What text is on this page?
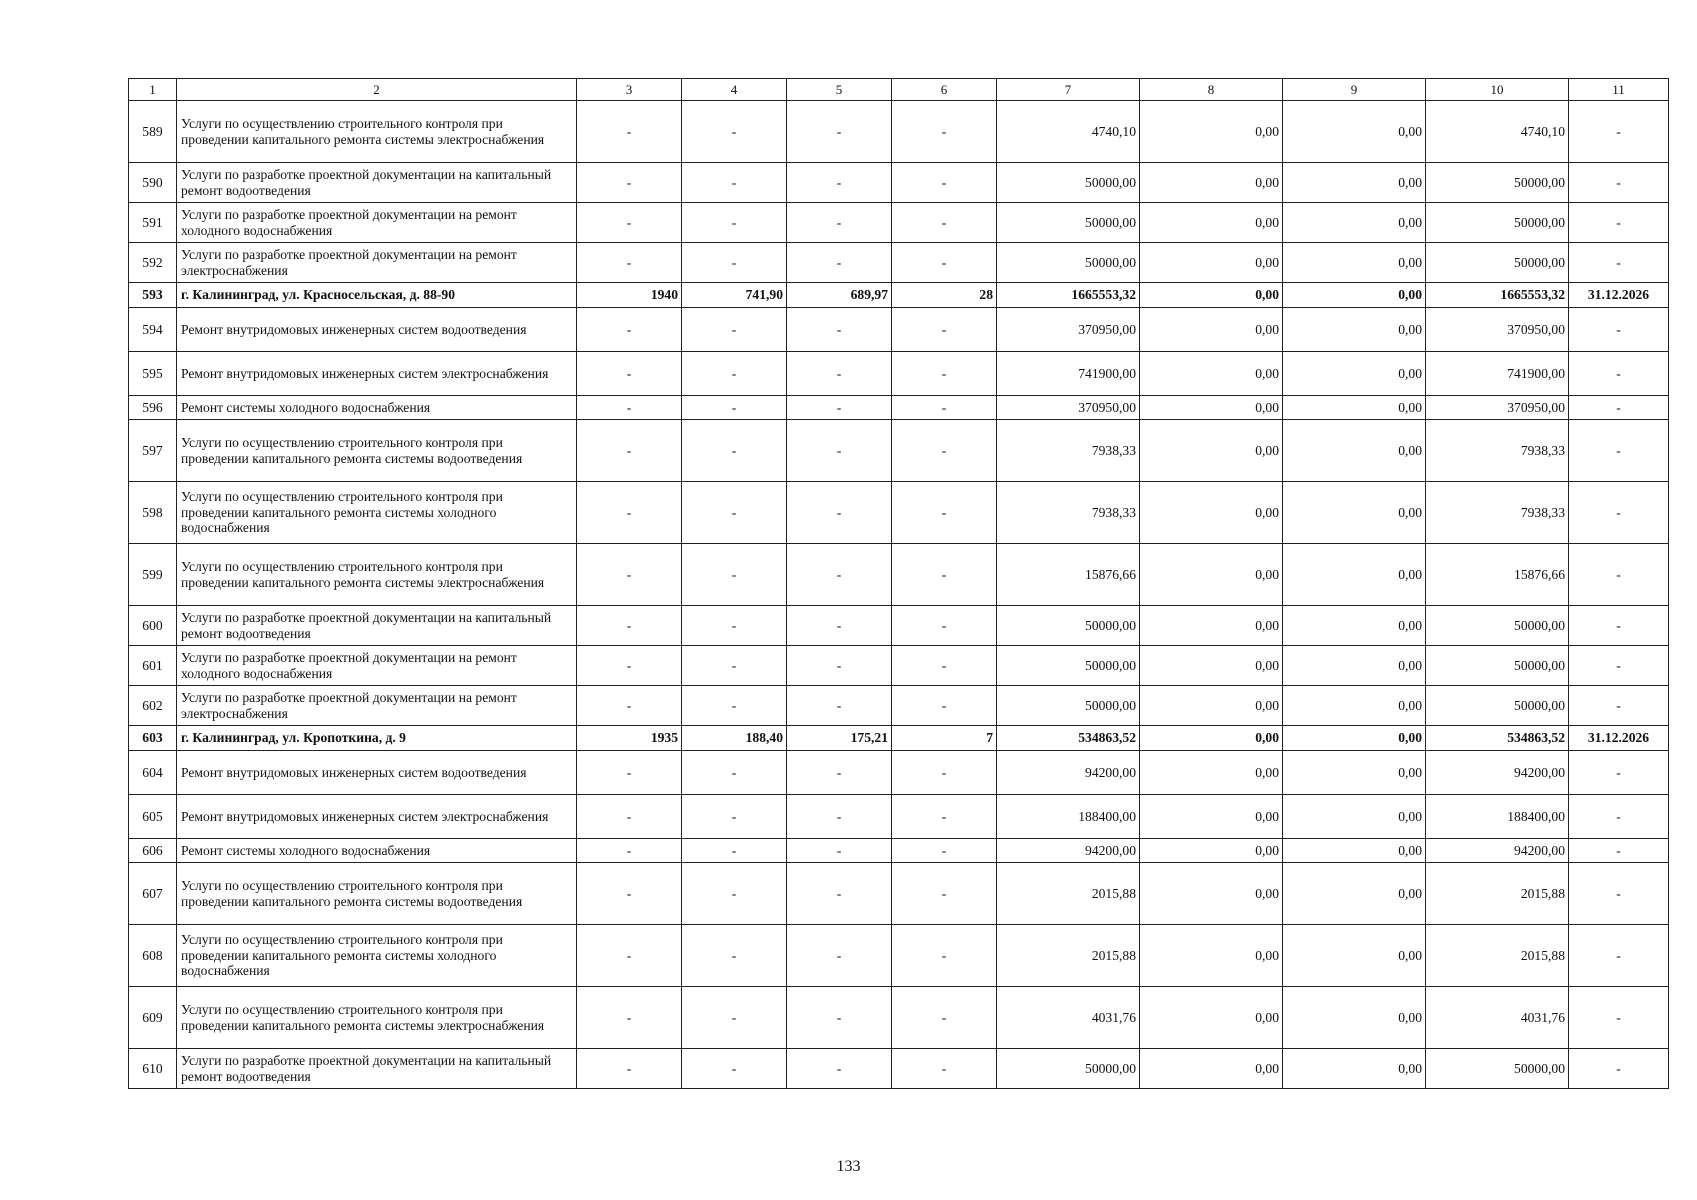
1	2	3	4	5	6	7	8	9	10	11
589	Услуги по осуществлению строительного контроля при проведении капитального ремонта системы электроснабжения	-	-	-	-	4740,10	0,00	0,00	4740,10	-
590	Услуги по разработке проектной документации на капитальный ремонт водоотведения	-	-	-	-	50000,00	0,00	0,00	50000,00	-
591	Услуги по разработке проектной документации на ремонт холодного водоснабжения	-	-	-	-	50000,00	0,00	0,00	50000,00	-
592	Услуги по разработке проектной документации на ремонт электроснабжения	-	-	-	-	50000,00	0,00	0,00	50000,00	-
593	г. Калининград, ул. Красносельская, д. 88-90	1940	741,90	689,97	28	1665553,32	0,00	0,00	1665553,32	31.12.2026
594	Ремонт внутридомовых инженерных систем водоотведения	-	-	-	-	370950,00	0,00	0,00	370950,00	-
595	Ремонт внутридомовых инженерных систем электроснабжения	-	-	-	-	741900,00	0,00	0,00	741900,00	-
596	Ремонт системы холодного водоснабжения	-	-	-	-	370950,00	0,00	0,00	370950,00	-
597	Услуги по осуществлению строительного контроля при проведении капитального ремонта системы водоотведения	-	-	-	-	7938,33	0,00	0,00	7938,33	-
598	Услуги по осуществлению строительного контроля при проведении капитального ремонта системы холодного водоснабжения	-	-	-	-	7938,33	0,00	0,00	7938,33	-
599	Услуги по осуществлению строительного контроля при проведении капитального ремонта системы электроснабжения	-	-	-	-	15876,66	0,00	0,00	15876,66	-
600	Услуги по разработке проектной документации на капитальный ремонт водоотведения	-	-	-	-	50000,00	0,00	0,00	50000,00	-
601	Услуги по разработке проектной документации на ремонт холодного водоснабжения	-	-	-	-	50000,00	0,00	0,00	50000,00	-
602	Услуги по разработке проектной документации на ремонт электроснабжения	-	-	-	-	50000,00	0,00	0,00	50000,00	-
603	г. Калининград, ул. Кропоткина, д. 9	1935	188,40	175,21	7	534863,52	0,00	0,00	534863,52	31.12.2026
604	Ремонт внутридомовых инженерных систем водоотведения	-	-	-	-	94200,00	0,00	0,00	94200,00	-
605	Ремонт внутридомовых инженерных систем электроснабжения	-	-	-	-	188400,00	0,00	0,00	188400,00	-
606	Ремонт системы холодного водоснабжения	-	-	-	-	94200,00	0,00	0,00	94200,00	-
607	Услуги по осуществлению строительного контроля при проведении капитального ремонта системы водоотведения	-	-	-	-	2015,88	0,00	0,00	2015,88	-
608	Услуги по осуществлению строительного контроля при проведении капитального ремонта системы холодного водоснабжения	-	-	-	-	2015,88	0,00	0,00	2015,88	-
609	Услуги по осуществлению строительного контроля при проведении капитального ремонта системы электроснабжения	-	-	-	-	4031,76	0,00	0,00	4031,76	-
610	Услуги по разработке проектной документации на капитальный ремонт водоотведения	-	-	-	-	50000,00	0,00	0,00	50000,00	-
133
